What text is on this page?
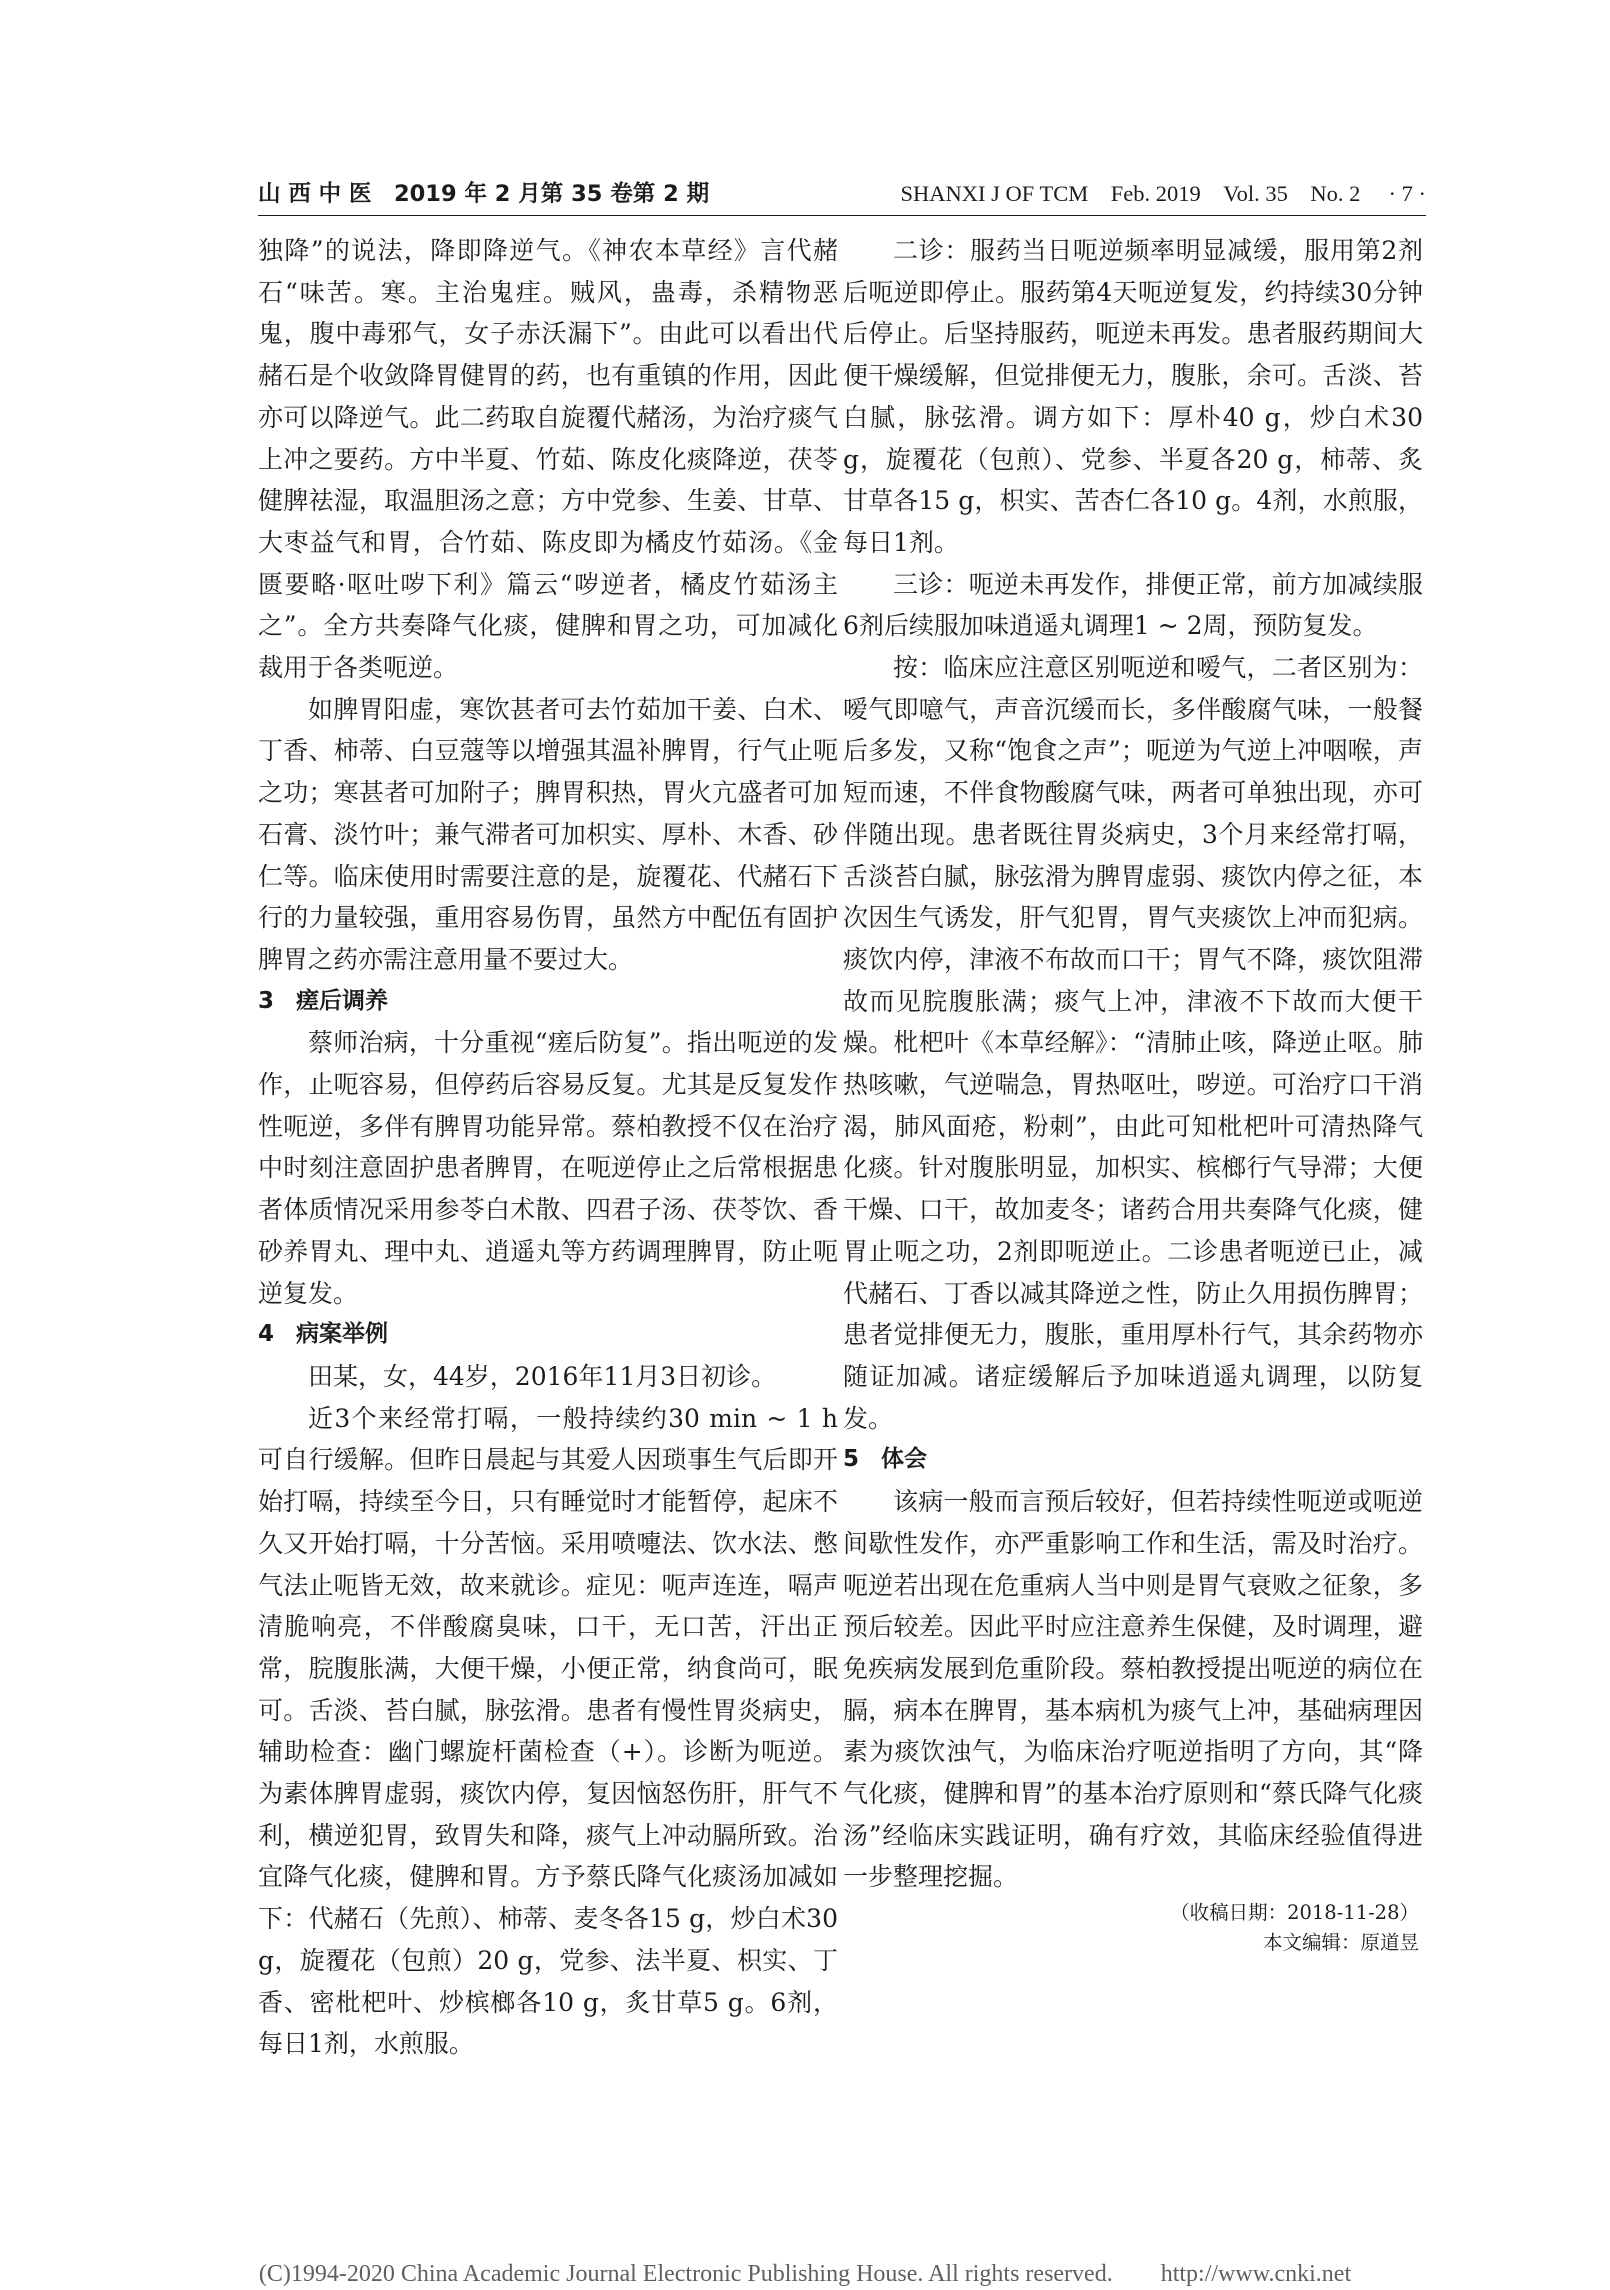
山 西 中 医　2019 年 2 月第 35 卷第 2 期	SHANXI J OF TCM　Feb. 2019　Vol. 35　No. 2　 · 7 ·

独降”的说法，降即降逆气。《神农本草经》言代赭石“味苦。寒。主治鬼疰。贼风，蛊毒，杀精物恶鬼，腹中毒邪气，女子赤沃漏下”。由此可以看出代赭石是个收敛降胃健胃的药，也有重镇的作用，因此亦可以降逆气。此二药取自旋覆代赭汤，为治疗痰气上冲之要药。方中半夏、竹茹、陈皮化痰降逆，茯苓健脾祛湿，取温胆汤之意；方中党参、生姜、甘草、大枣益气和胃，合竹茹、陈皮即为橘皮竹茹汤。《金匮要略·呕吐哕下利》篇云“哕逆者，橘皮竹茹汤主之”。全方共奏降气化痰，健脾和胃之功，可加减化裁用于各类呃逆。

如脾胃阳虚，寒饮甚者可去竹茹加干姜、白术、丁香、柿蒂、白豆蔻等以增强其温补脾胃，行气止呃之功；寒甚者可加附子；脾胃积热，胃火亢盛者可加石膏、淡竹叶；兼气滞者可加枳实、厚朴、木香、砂仁等。临床使用时需要注意的是，旋覆花、代赭石下行的力量较强，重用容易伤胃，虽然方中配伍有固护脾胃之药亦需注意用量不要过大。

3 瘥后调养

蔡师治病，十分重视“瘥后防复”。指出呃逆的发作，止呃容易，但停药后容易反复。尤其是反复发作性呃逆，多伴有脾胃功能异常。蔡柏教授不仅在治疗中时刻注意固护患者脾胃，在呃逆停止之后常根据患者体质情况采用参苓白术散、四君子汤、茯苓饮、香砂养胃丸、理中丸、逍遥丸等方药调理脾胃，防止呃逆复发。

4 病案举例

田某，女，44岁，2016年11月3日初诊。

近3个来经常打嗝，一般持续约30 min ~ 1 h可自行缓解。但昨日晨起与其爱人因琐事生气后即开始打嗝，持续至今日，只有睡觉时才能暂停，起床不久又开始打嗝，十分苦恼。采用喷嚏法、饮水法、憋气法止呃皆无效，故来就诊。症见：呃声连连，嗝声清脆响亮，不伴酸腐臭味，口干，无口苦，汗出正常，脘腹胀满，大便干燥，小便正常，纳食尚可，眠可。舌淡、苔白腻，脉弦滑。患者有慢性胃炎病史，辅助检查：幽门螺旋杆菌检查（+）。诊断为呃逆。为素体脾胃虚弱，痰饮内停，复因恼怒伤肝，肝气不利，横逆犯胃，致胃失和降，痰气上冲动膈所致。治宜降气化痰，健脾和胃。方予蔡氏降气化痰汤加减如下：代赭石（先煎）、柿蒂、麦冬各15 g，炒白术30g，旋覆花（包煎）20 g，党参、法半夏、枳实、丁香、密枇杷叶、炒槟榔各10 g，炙甘草5 g。6剂，每日1剂，水煎服。

二诊：服药当日呃逆频率明显减缓，服用第2剂后呃逆即停止。服药第4天呃逆复发，约持续30分钟后停止。后坚持服药，呃逆未再发。患者服药期间大便干燥缓解，但觉排便无力，腹胀，余可。舌淡、苔白腻，脉弦滑。调方如下：厚朴40 g，炒白术30 g，旋覆花（包煎）、党参、半夏各20 g，柿蒂、炙甘草各15 g，枳实、苦杏仁各10 g。4剂，水煎服，每日1剂。

三诊：呃逆未再发作，排便正常，前方加减续服6剂后续服加味逍遥丸调理1 ~ 2周，预防复发。

按：临床应注意区别呃逆和嗳气，二者区别为：嗳气即噫气，声音沉缓而长，多伴酸腐气味，一般餐后多发，又称“饱食之声”；呃逆为气逆上冲咽喉，声短而速，不伴食物酸腐气味，两者可单独出现，亦可伴随出现。患者既往胃炎病史，3个月来经常打嗝，舌淡苔白腻，脉弦滑为脾胃虚弱、痰饮内停之征，本次因生气诱发，肝气犯胃，胃气夹痰饮上冲而犯病。痰饮内停，津液不布故而口干；胃气不降，痰饮阻滞故而见脘腹胀满；痰气上冲，津液不下故而大便干燥。枇杷叶《本草经解》：“清肺止咳，降逆止呕。肺热咳嗽，气逆喘急，胃热呕吐，哕逆。可治疗口干消渴，肺风面疮，粉刺”，由此可知枇杷叶可清热降气化痰。针对腹胀明显，加枳实、槟榔行气导滞；大便干燥、口干，故加麦冬；诸药合用共奏降气化痰，健胃止呃之功，2剂即呃逆止。二诊患者呃逆已止，减代赭石、丁香以减其降逆之性，防止久用损伤脾胃；患者觉排便无力，腹胀，重用厚朴行气，其余药物亦随证加减。诸症缓解后予加味逍遥丸调理，以防复发。

5 体会

该病一般而言预后较好，但若持续性呃逆或呃逆间歇性发作，亦严重影响工作和生活，需及时治疗。呃逆若出现在危重病人当中则是胃气衰败之征象，多预后较差。因此平时应注意养生保健，及时调理，避免疾病发展到危重阶段。蔡柏教授提出呃逆的病位在膈，病本在脾胃，基本病机为痰气上冲，基础病理因素为痰饮浊气，为临床治疗呃逆指明了方向，其“降气化痰，健脾和胃”的基本治疗原则和“蔡氏降气化痰汤”经临床实践证明，确有疗效，其临床经验值得进一步整理挖掘。

（收稿日期：2018-11-28）

本文编辑：原道昱

(C)1994-2020 China Academic Journal Electronic Publishing House. All rights reserved.　　http://www.cnki.net
